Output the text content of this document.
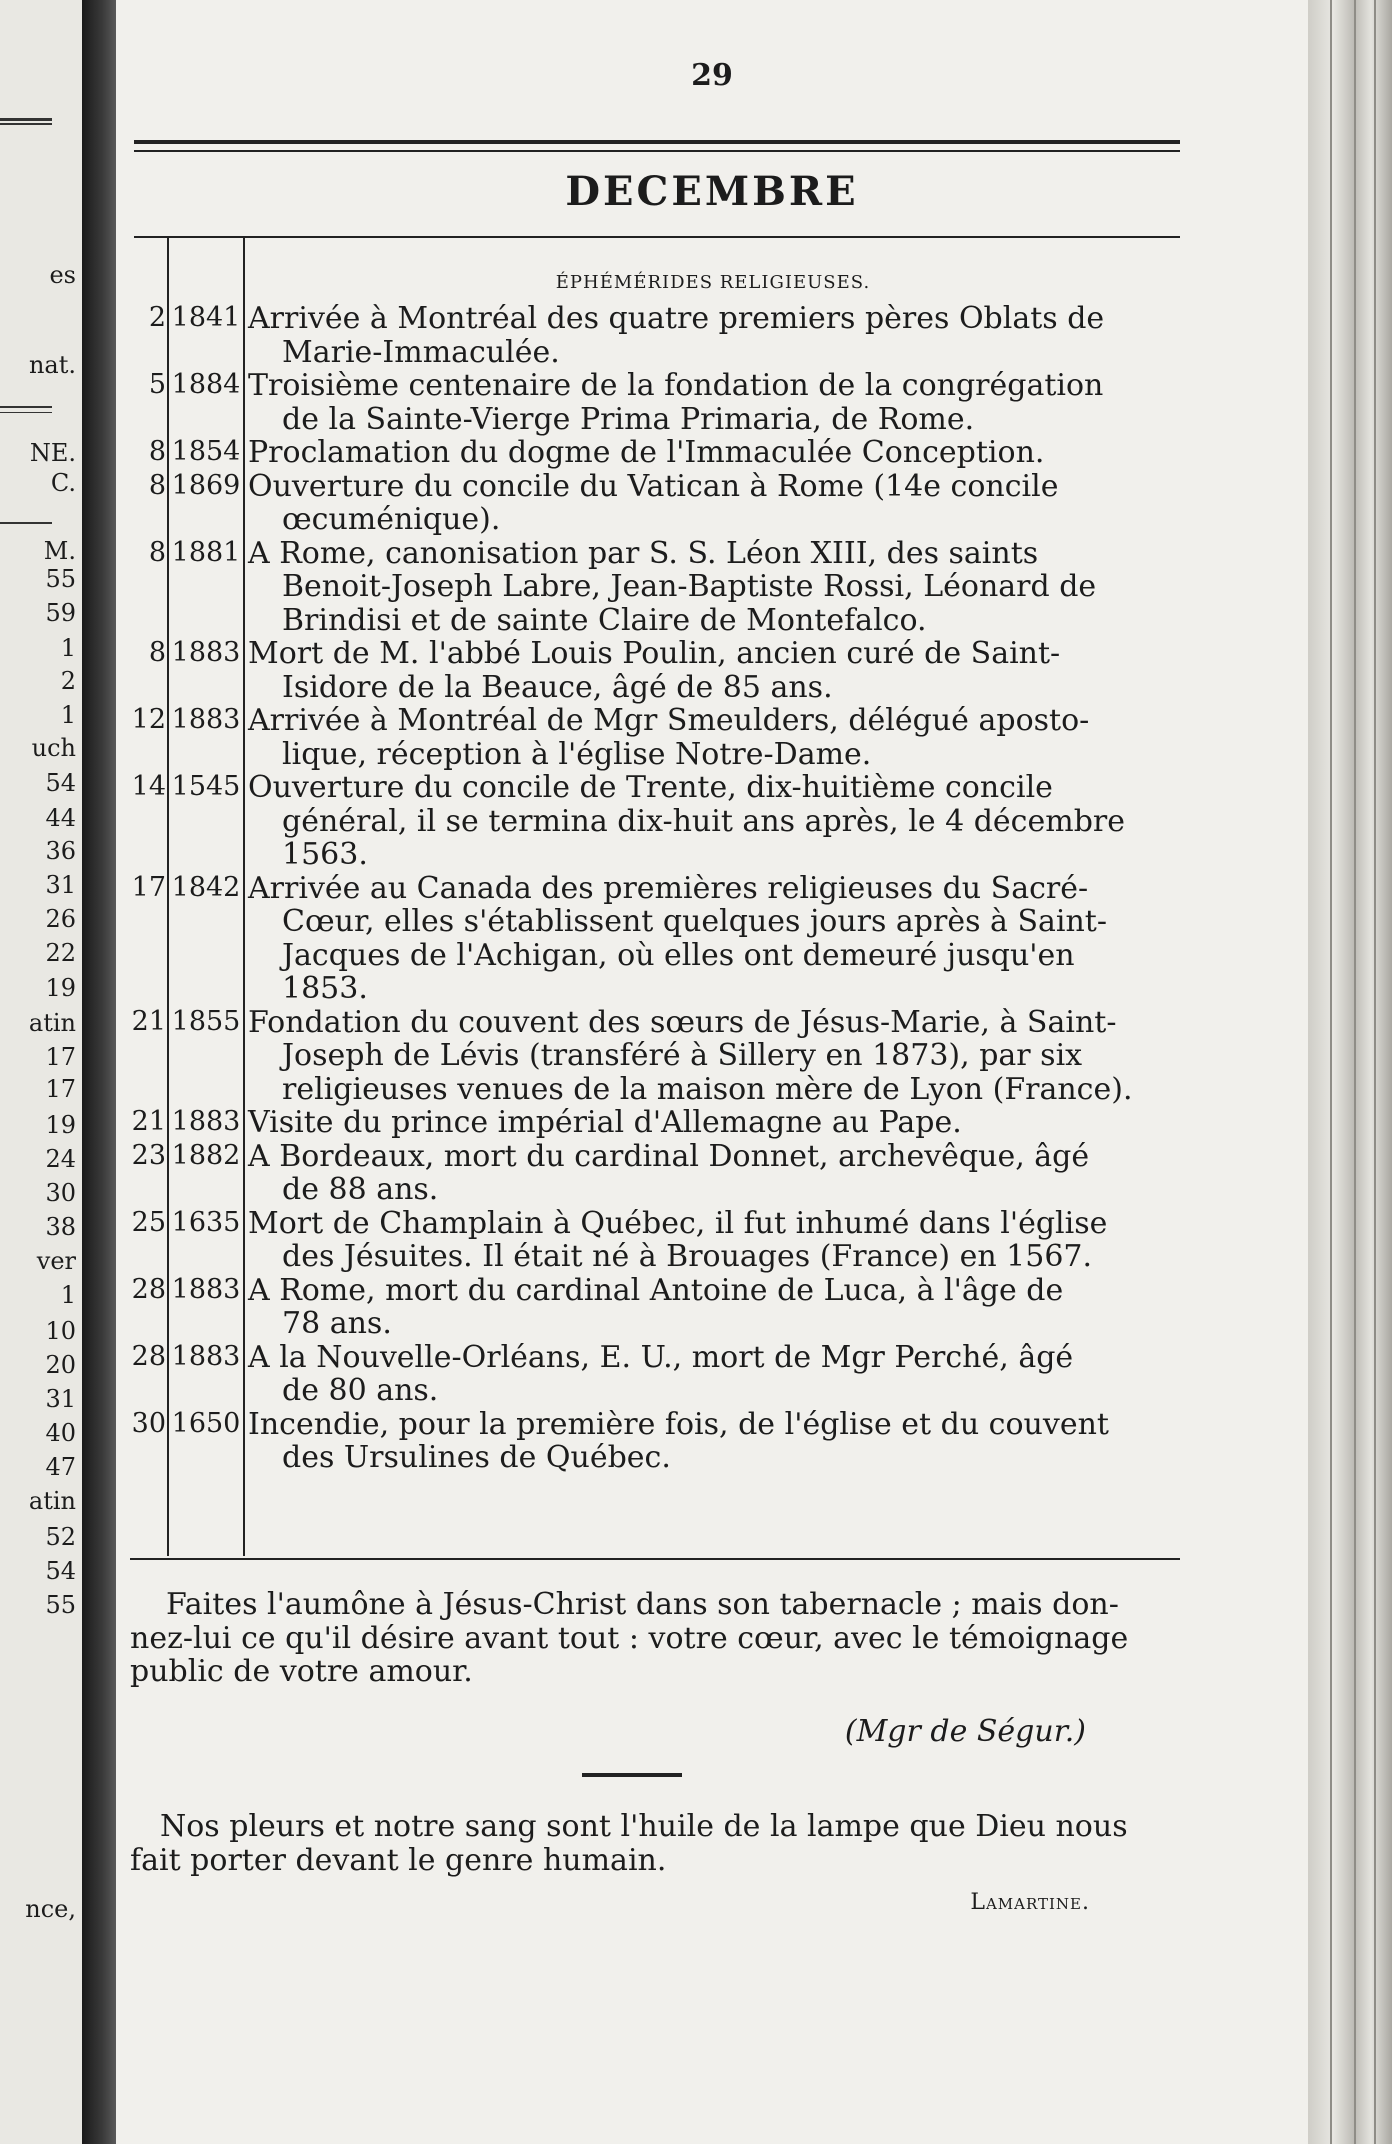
es
nat.
NE.
C.
M.
55
59
1
2
1
uch
54
44
36
31
26
22
19
atin
17
17
19
24
30
38
ver
1
10
20
31
40
47
atin
52
54
55
nce,
29
DECEMBRE
ÉPHÉMÉRIDES RELIGIEUSES.
2 1841 Arrivée à Montréal des quatre premiers pères Oblats de
Marie-Immaculée.
5 1884 Troisième centenaire de la fondation de la congrégation
de la Sainte-Vierge Prima Primaria, de Rome.
8 1854 Proclamation du dogme de l'Immaculée Conception.
8 1869 Ouverture du concile du Vatican à Rome (14e concile
œcuménique).
8 1881 A Rome, canonisation par S. S. Léon XIII, des saints
Benoit-Joseph Labre, Jean-Baptiste Rossi, Léonard de
Brindisi et de sainte Claire de Montefalco.
8 1883 Mort de M. l'abbé Louis Poulin, ancien curé de Saint-
Isidore de la Beauce, âgé de 85 ans.
12 1883 Arrivée à Montréal de Mgr Smeulders, délégué aposto-
lique, réception à l'église Notre-Dame.
14 1545 Ouverture du concile de Trente, dix-huitième concile
général, il se termina dix-huit ans après, le 4 décembre
1563.
17 1842 Arrivée au Canada des premières religieuses du Sacré-
Cœur, elles s'établissent quelques jours après à Saint-
Jacques de l'Achigan, où elles ont demeuré jusqu'en
1853.
21 1855 Fondation du couvent des sœurs de Jésus-Marie, à Saint-
Joseph de Lévis (transféré à Sillery en 1873), par six
religieuses venues de la maison mère de Lyon (France).
21 1883 Visite du prince impérial d'Allemagne au Pape.
23 1882 A Bordeaux, mort du cardinal Donnet, archevêque, âgé
de 88 ans.
25 1635 Mort de Champlain à Québec, il fut inhumé dans l'église
des Jésuites. Il était né à Brouages (France) en 1567.
28 1883 A Rome, mort du cardinal Antoine de Luca, à l'âge de
78 ans.
28 1883 A la Nouvelle-Orléans, E. U., mort de Mgr Perché, âgé
de 80 ans.
30 1650 Incendie, pour la première fois, de l'église et du couvent
des Ursulines de Québec.
Faites l'aumône à Jésus-Christ dans son tabernacle ; mais don-
nez-lui ce qu'il désire avant tout : votre cœur, avec le témoignage
public de votre amour.
(Mgr de Ségur.)
Nos pleurs et notre sang sont l'huile de la lampe que Dieu nous
fait porter devant le genre humain.
Lamartine.
